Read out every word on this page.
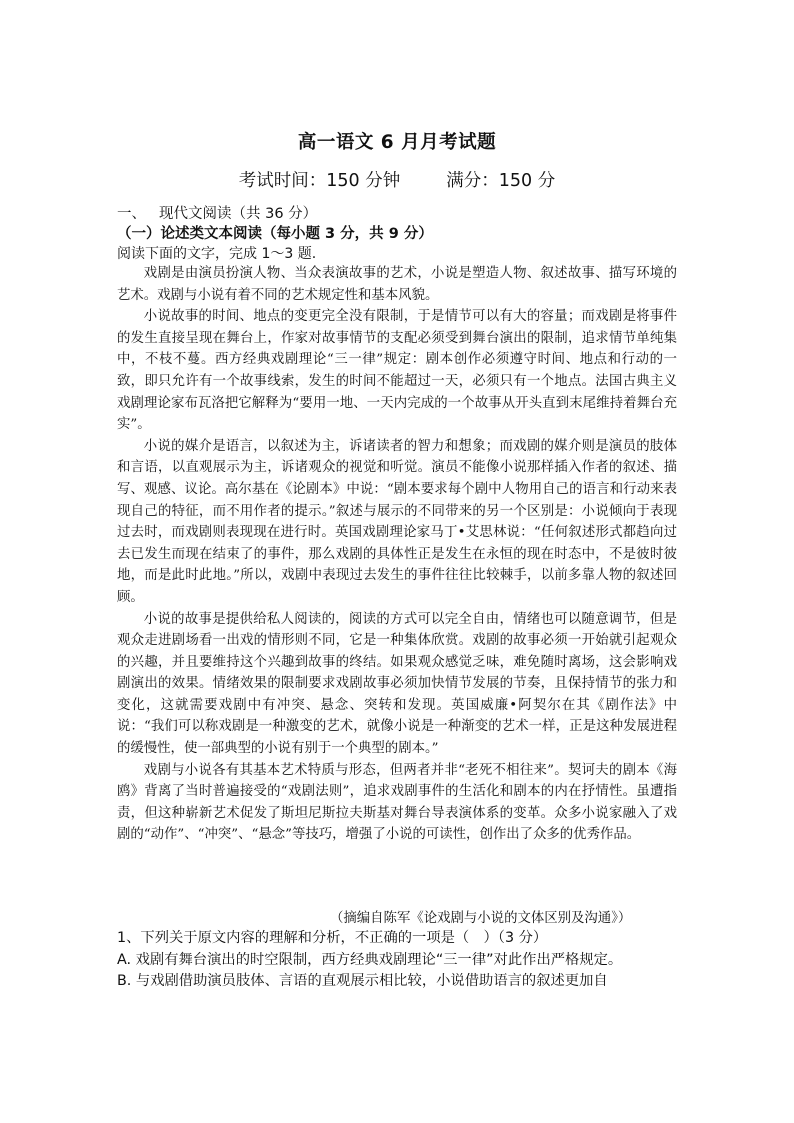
高一语文 6 月月考试题
考试时间：150 分钟	满分：150 分
一、 现代文阅读（共 36 分）
（一）论述类文本阅读（每小题 3 分，共 9 分）
阅读下面的文字，完成 1～3 题.

戏剧是由演员扮演人物、当众表演故事的艺术，小说是塑造人物、叙述故事、描写环境的艺术。戏剧与小说有着不同的艺术规定性和基本风貌。

小说故事的时间、地点的变更完全没有限制，于是情节可以有大的容量；而戏剧是将事件的发生直接呈现在舞台上，作家对故事情节的支配必须受到舞台演出的限制，追求情节单纯集中，不枝不蔓。西方经典戏剧理论“三一律”规定：剧本创作必须遵守时间、地点和行动的一致，即只允许有一个故事线索，发生的时间不能超过一天，必须只有一个地点。法国古典主义戏剧理论家布瓦洛把它解释为“要用一地、一天内完成的一个故事从开头直到末尾维持着舞台充实”。

小说的媒介是语言，以叙述为主，诉诸读者的智力和想象；而戏剧的媒介则是演员的肢体和言语，以直观展示为主，诉诸观众的视觉和听觉。演员不能像小说那样插入作者的叙述、描写、观感、议论。高尔基在《论剧本》中说：“剧本要求每个剧中人物用自己的语言和行动来表现自己的特征，而不用作者的提示。”叙述与展示的不同带来的另一个区别是：小说倾向于表现过去时，而戏剧则表现现在进行时。英国戏剧理论家马丁•艾思林说：“任何叙述形式都趋向过去已发生而现在结束了的事件，那么戏剧的具体性正是发生在永恒的现在时态中，不是彼时彼地，而是此时此地。”所以，戏剧中表现过去发生的事件往往比较棘手，以前多靠人物的叙述回顾。

小说的故事是提供给私人阅读的，阅读的方式可以完全自由，情绪也可以随意调节，但是观众走进剧场看一出戏的情形则不同，它是一种集体欣赏。戏剧的故事必须一开始就引起观众的兴趣，并且要维持这个兴趣到故事的终结。如果观众感觉乏味，难免随时离场，这会影响戏剧演出的效果。情绪效果的限制要求戏剧故事必须加快情节发展的节奏，且保持情节的张力和变化，这就需要戏剧中有冲突、悬念、突转和发现。英国威廉•阿契尔在其《剧作法》中说：“我们可以称戏剧是一种激变的艺术，就像小说是一种渐变的艺术一样，正是这种发展进程的缓慢性，使一部典型的小说有别于一个典型的剧本。”

戏剧与小说各有其基本艺术特质与形态，但两者并非“老死不相往来”。契诃夫的剧本《海鸥》背离了当时普遍接受的“戏剧法则”，追求戏剧事件的生活化和剧本的内在抒情性。虽遭指责，但这种崭新艺术促发了斯坦尼斯拉夫斯基对舞台导表演体系的变革。众多小说家融入了戏剧的“动作”、“冲突”、“悬念”等技巧，增强了小说的可读性，创作出了众多的优秀作品。

（摘编自陈军《论戏剧与小说的文体区别及沟通》）

1、下列关于原文内容的理解和分析，不正确的一项是（　）（3 分）

A. 戏剧有舞台演出的时空限制，西方经典戏剧理论“三一律”对此作出严格规定。

B. 与戏剧借助演员肢体、言语的直观展示相比较，小说借助语言的叙述更加自
